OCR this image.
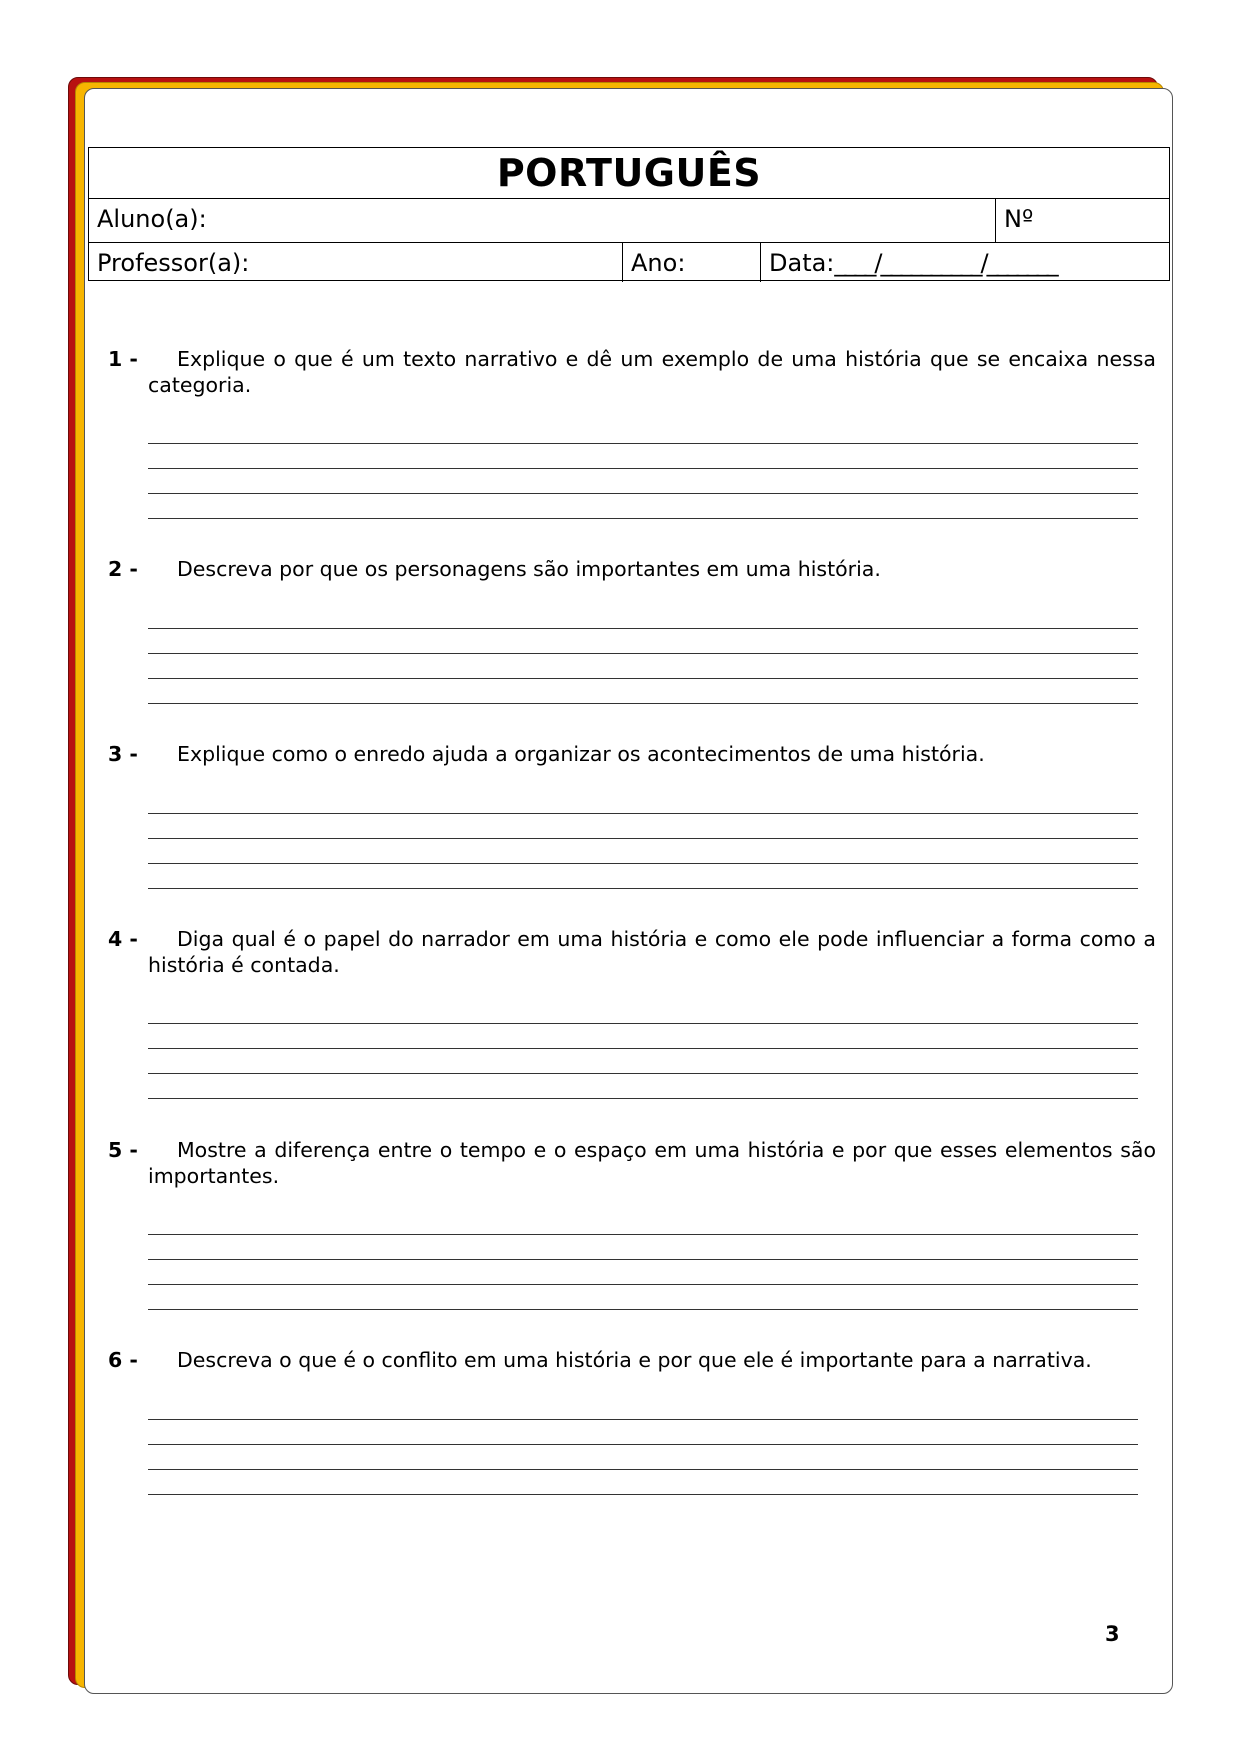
PORTUGUÊS
Aluno(a):	Nº
Professor(a):	Ano:	Data:____/__________/_______

Explique o que é um texto narrativo e dê um exemplo de uma história que se encaixa nessa categoria.

1 -

Descreva por que os personagens são importantes em uma história.

2 -

Explique como o enredo ajuda a organizar os acontecimentos de uma história.

3 -

Diga qual é o papel do narrador em uma história e como ele pode influenciar a forma como a história é contada.

4 -

Mostre a diferença entre o tempo e o espaço em uma história e por que esses elementos são importantes.

5 -

Descreva o que é o conflito em uma história e por que ele é importante para a narrativa.

6 -
3
